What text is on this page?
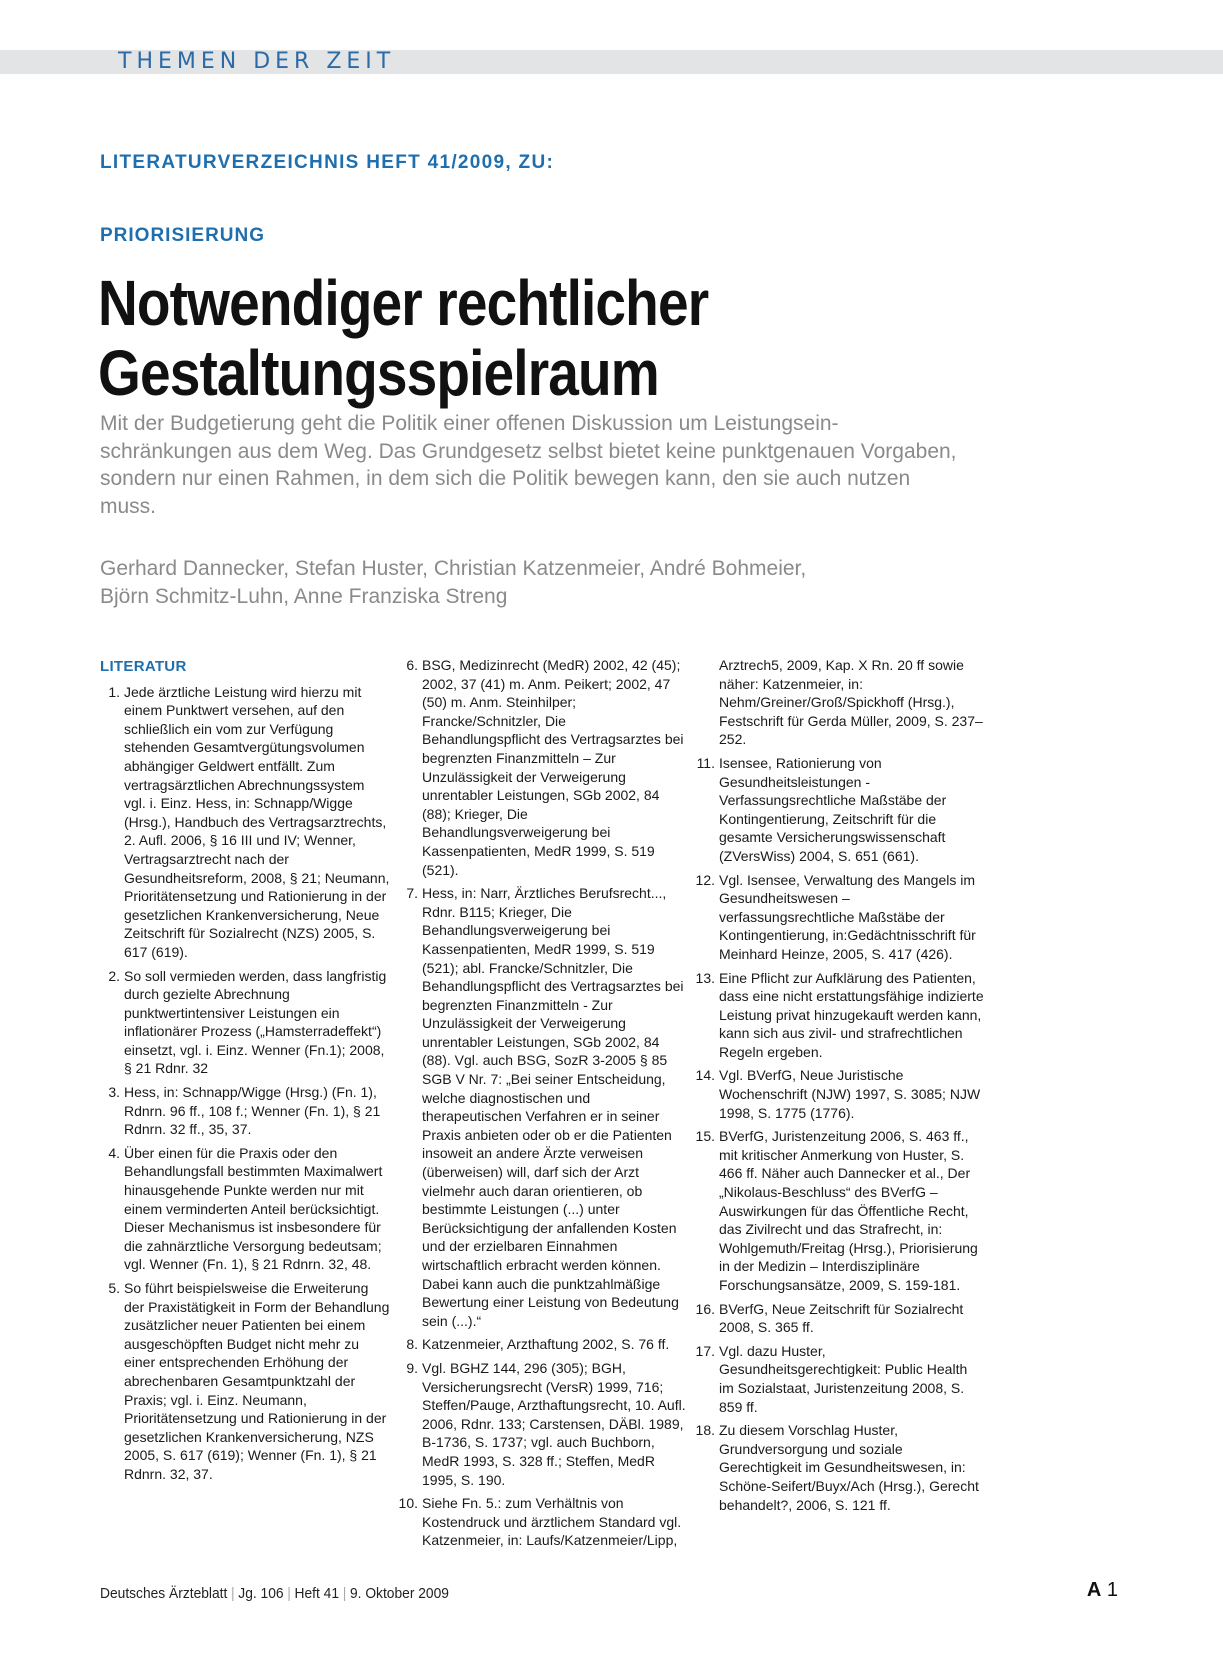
THEMEN DER ZEIT
LITERATURVERZEICHNIS HEFT 41/2009, ZU:
PRIORISIERUNG
Notwendiger rechtlicher
Gestaltungsspielraum

Mit der Budgetierung geht die Politik einer offenen Diskussion um Leistungsein- schränkungen aus dem Weg. Das Grundgesetz selbst bietet keine punktgenauen Vorgaben, sondern nur einen Rahmen, in dem sich die Politik bewegen kann, den sie auch nutzen muss.

Gerhard Dannecker, Stefan Huster, Christian Katzenmeier, André Bohmeier,
Björn Schmitz-Luhn, Anne Franziska Streng

LITERATUR
1. Jede ärztliche Leistung wird hierzu mit einem Punktwert versehen, auf den schließlich ein vom zur Verfügung stehenden Gesamtvergütungsvolumen abhängiger Geldwert entfällt. Zum vertragsärztlichen Abrechnungssystem vgl. i. Einz. Hess, in: Schnapp/Wigge (Hrsg.), Handbuch des Vertragsarztrechts, 2. Aufl. 2006, § 16 III und IV; Wenner, Vertragsarztrecht nach der Gesundheitsreform, 2008, § 21; Neumann, Prioritätensetzung und Rationierung in der gesetzlichen Krankenversicherung, Neue Zeitschrift für Sozialrecht (NZS) 2005, S. 617 (619).
2. So soll vermieden werden, dass langfristig durch gezielte Abrechnung punktwertintensiver Leistungen ein inflationärer Prozess („Hamsterradeffekt“) einsetzt, vgl. i. Einz. Wenner (Fn.1); 2008, § 21 Rdnr. 32
3. Hess, in: Schnapp/Wigge (Hrsg.) (Fn. 1), Rdnrn. 96 ff., 108 f.; Wenner (Fn. 1), § 21 Rdnrn. 32 ff., 35, 37.
4. Über einen für die Praxis oder den Behandlungsfall bestimmten Maximalwert hinausgehende Punkte werden nur mit einem verminderten Anteil berücksichtigt. Dieser Mechanismus ist insbesondere für die zahnärztliche Versorgung bedeutsam; vgl. Wenner (Fn. 1), § 21 Rdnrn. 32, 48.
5. So führt beispielsweise die Erweiterung der Praxistätigkeit in Form der Behandlung zusätzlicher neuer Patienten bei einem ausgeschöpften Budget nicht mehr zu einer entsprechenden Erhöhung der abrechenbaren Gesamtpunktzahl der Praxis; vgl. i. Einz. Neumann, Prioritätensetzung und Rationierung in der gesetzlichen Krankenversicherung, NZS 2005, S. 617 (619); Wenner (Fn. 1), § 21 Rdnrn. 32, 37.
6. BSG, Medizinrecht (MedR) 2002, 42 (45); 2002, 37 (41) m. Anm. Peikert; 2002, 47 (50) m. Anm. Steinhilper; Francke/Schnitzler, Die Behandlungspflicht des Vertragsarztes bei begrenzten Finanzmitteln – Zur Unzulässigkeit der Verweigerung unrentabler Leistungen, SGb 2002, 84 (88); Krieger, Die Behandlungsverweigerung bei Kassenpatienten, MedR 1999, S. 519 (521).
7. Hess, in: Narr, Ärztliches Berufsrecht..., Rdnr. B115; Krieger, Die Behandlungsverweigerung bei Kassenpatienten, MedR 1999, S. 519 (521); abl. Francke/Schnitzler, Die Behandlungspflicht des Vertragsarztes bei begrenzten Finanzmitteln - Zur Unzulässigkeit der Verweigerung unrentabler Leistungen, SGb 2002, 84 (88). Vgl. auch BSG, SozR 3-2005 § 85 SGB V Nr. 7: „Bei seiner Entscheidung, welche diagnostischen und therapeutischen Verfahren er in seiner Praxis anbieten oder ob er die Patienten insoweit an andere Ärzte verweisen (überweisen) will, darf sich der Arzt vielmehr auch daran orientieren, ob bestimmte Leistungen (...) unter Berücksichtigung der anfallenden Kosten und der erzielbaren Einnahmen wirtschaftlich erbracht werden können. Dabei kann auch die punktzahlmäßige Bewertung einer Leistung von Bedeutung sein (...).“
8. Katzenmeier, Arzthaftung 2002, S. 76 ff.
9. Vgl. BGHZ 144, 296 (305); BGH, Versicherungsrecht (VersR) 1999, 716; Steffen/Pauge, Arzthaftungsrecht, 10. Aufl. 2006, Rdnr. 133; Carstensen, DÄBl. 1989, B-1736, S. 1737; vgl. auch Buchborn, MedR 1993, S. 328 ff.; Steffen, MedR 1995, S. 190.
10. Siehe Fn. 5.: zum Verhältnis von Kostendruck und ärztlichem Standard vgl. Katzenmeier, in: Laufs/Katzenmeier/Lipp,
Arztrech5, 2009, Kap. X Rn. 20 ff sowie näher: Katzenmeier, in: Nehm/Greiner/Groß/Spickhoff (Hrsg.), Festschrift für Gerda Müller, 2009, S. 237–252.
11. Isensee, Rationierung von Gesundheitsleistungen - Verfassungsrechtliche Maßstäbe der Kontingentierung, Zeitschrift für die gesamte Versicherungswissenschaft (ZVersWiss) 2004, S. 651 (661).
12. Vgl. Isensee, Verwaltung des Mangels im Gesundheitswesen – verfassungsrechtliche Maßstäbe der Kontingentierung, in:Gedächtnisschrift für Meinhard Heinze, 2005, S. 417 (426).
13. Eine Pflicht zur Aufklärung des Patienten, dass eine nicht erstattungsfähige indizierte Leistung privat hinzugekauft werden kann, kann sich aus zivil- und strafrechtlichen Regeln ergeben.
14. Vgl. BVerfG, Neue Juristische Wochenschrift (NJW) 1997, S. 3085; NJW 1998, S. 1775 (1776).
15. BVerfG, Juristenzeitung 2006, S. 463 ff., mit kritischer Anmerkung von Huster, S. 466 ff. Näher auch Dannecker et al., Der „Nikolaus-Beschluss“ des BVerfG – Auswirkungen für das Öffentliche Recht, das Zivilrecht und das Strafrecht, in: Wohlgemuth/Freitag (Hrsg.), Priorisierung in der Medizin – Interdisziplinäre Forschungsansätze, 2009, S. 159-181.
16. BVerfG, Neue Zeitschrift für Sozialrecht 2008, S. 365 ff.
17. Vgl. dazu Huster, Gesundheitsgerechtigkeit: Public Health im Sozialstaat, Juristenzeitung 2008, S. 859 ff.
18. Zu diesem Vorschlag Huster, Grundversorgung und soziale Gerechtigkeit im Gesundheitswesen, in: Schöne-Seifert/Buyx/Ach (Hrsg.), Gerecht behandelt?, 2006, S. 121 ff.
Deutsches Ärzteblatt | Jg. 106 | Heft 41 | 9. Oktober 2009	A 1
